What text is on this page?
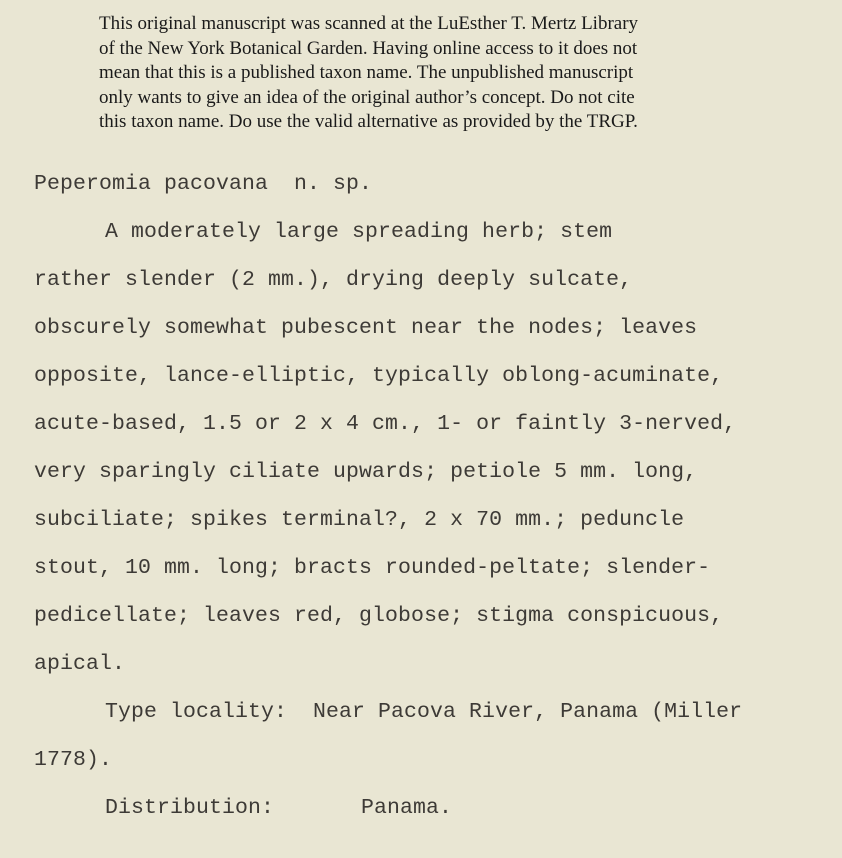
This original manuscript was scanned at the LuEsther T. Mertz Library
of the New York Botanical Garden. Having online access to it does not
mean that this is a published taxon name. The unpublished manuscript
only wants to give an idea of the original author’s concept. Do not cite
this taxon name. Do use the valid alternative as provided by the TRGP.
Peperomia pacovana  n. sp.
A moderately large spreading herb; stem
rather slender (2 mm.), drying deeply sulcate,
obscurely somewhat pubescent near the nodes; leaves
opposite, lance-elliptic, typically oblong-acuminate,
acute-based, 1.5 or 2 x 4 cm., 1- or faintly 3-nerved,
very sparingly ciliate upwards; petiole 5 mm. long,
subciliate; spikes terminal?, 2 x 70 mm.; peduncle
stout, 10 mm. long; bracts rounded-peltate; slender-
pedicellate; leaves red, globose; stigma conspicuous,
apical.
Type locality:  Near Pacova River, Panama (Miller
1778).
Distribution:	Panama.
